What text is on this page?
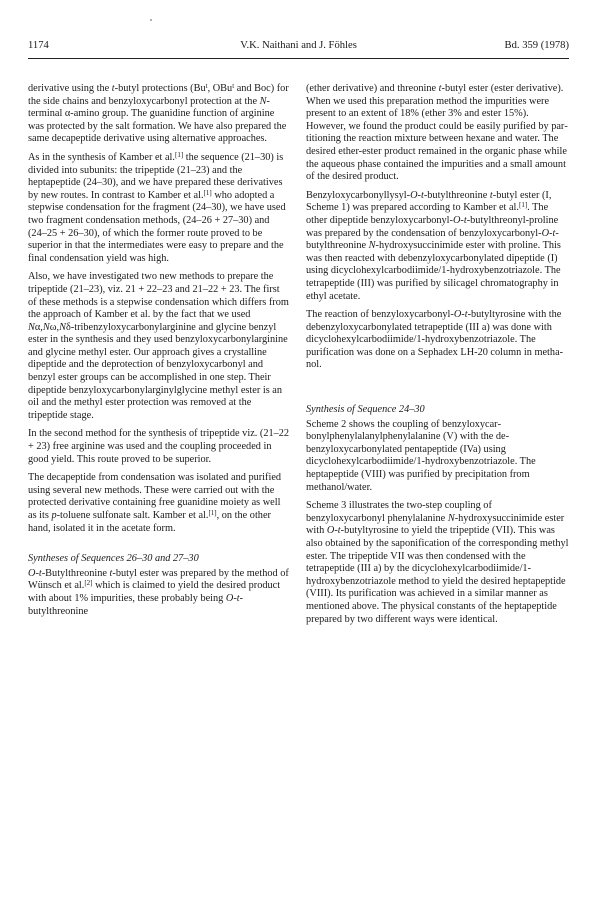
1174	V.K. Naithani and J. Föhles	Bd. 359 (1978)

derivative using the t-butyl protections (Bu$^t$, OBu$^t$ and Boc) for the side chains and benzyloxycarbonyl protection at the N-terminal α-amino group. The guanidine function of arginine was protected by the salt formation. We have also prepared the same decapeptide derivative using alternative approaches.

As in the synthesis of Kamber et al.[1] the sequence (21–30) is divided into subunits: the tripeptide (21–23) and the heptapeptide (24–30), and we have prepared these derivatives by new routes. In contrast to Kamber et al.[1] who adopted a stepwise condensation for the fragment (24–30), we have used two fragment condensation methods, (24–26 + 27–30) and (24–25 + 26–30), of which the former route proved to be superior in that the intermediates were easy to prepare and the final condensation yield was high.

Also, we have investigated two new methods to prepare the tripeptide (21–23), viz. 21 + 22–23 and 21–22 + 23. The first of these methods is a stepwise condensation which differs from the approach of Kamber et al. by the fact that we used Nα,Nω,Nδ-tribenzyloxycarbonylarginine and glycine benzyl ester in the synthesis and they used benzyloxycarbonylarginine and glycine methyl ester. Our approach gives a crystalline dipeptide and the deprotection of benzyloxycarbonyl and benzyl ester groups can be accomplished in one step. Their dipeptide benzyloxycarbonylarginylglycine methyl ester is an oil and the methyl ester protection was removed at the tripeptide stage.

In the second method for the synthesis of tripeptide viz. (21–22 + 23) free arginine was used and the coupling proceeded in good yield. This route proved to be superior.

The decapeptide from condensation was isolated and purified using several new methods. These were carried out with the protected derivative containing free guanidine moiety as well as its p-toluene sulfonate salt. Kamber et al.[1], on the other hand, isolated it in the acetate form.

Syntheses of Sequences 26–30 and 27–30

O-t-Butylthreonine t-butyl ester was prepared by the method of Wünsch et al.[2] which is claimed to yield the desired product with about 1% impurities, these probably being O-t-butylthreonine

(ether derivative) and threonine t-butyl ester (ester derivative). When we used this preparation method the impurities were present to an extent of 18% (ether 3% and ester 15%). However, we found the product could be easily purified by partitioning the reaction mixture between hexane and water. The desired ether-ester product remained in the organic phase while the aqueous phase contained the impurities and a small amount of the desired product.

Benzyloxycarbonyllysyl-O-t-butylthreonine t-butyl ester (I, Scheme 1) was prepared according to Kamber et al.[1]. The other dipeptide benzyloxycarbonyl-O-t-butylthreonyl-proline was prepared by the condensation of benzyloxycarbonyl-O-t-butylthreonine N-hydroxysuccinimide ester with proline. This was then reacted with debenzyloxycarbonylated dipeptide (I) using dicyclohexylcarbodiimide/1-hydroxybenzotriazole. The tetrapeptide (III) was purified by silicagel chromatography in ethyl acetate.

The reaction of benzyloxycarbonyl-O-t-butyltyrosine with the debenzyloxycarbonylated tetrapeptide (III a) was done with dicyclohexylcarbodiimide/1-hydroxybenzotriazole. The purification was done on a Sephadex LH-20 column in methanol.

Synthesis of Sequence 24–30

Scheme 2 shows the coupling of benzyloxycarbonylphenylalanylphenylalanine (V) with the debenzyloxycarbonylated pentapeptide (IVa) using dicyclohexylcarbodiimide/1-hydroxybenzotriazole. The heptapeptide (VIII) was purified by precipitation from methanol/water.

Scheme 3 illustrates the two-step coupling of benzyloxycarbonyl phenylalanine N-hydroxysuccinimide ester with O-t-butyltyrosine to yield the tripeptide (VII). This was also obtained by the saponification of the corresponding methyl ester. The tripeptide VII was then condensed with the tetrapeptide (III a) by the dicyclohexylcarbodiimide/1-hydroxybenzotriazole method to yield the desired heptapeptide (VIII). Its purification was achieved in a similar manner as mentioned above. The physical constants of the heptapeptide prepared by two different ways were identical.
